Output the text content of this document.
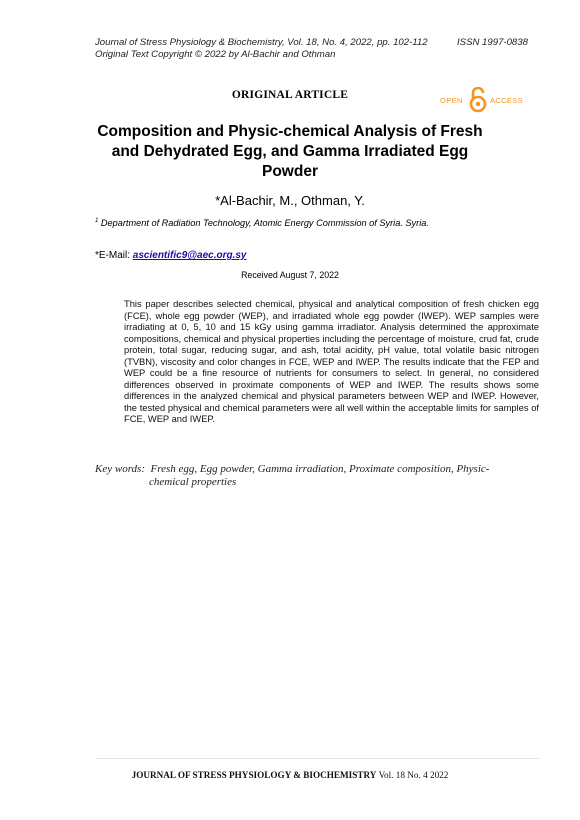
Journal of Stress Physiology & Biochemistry, Vol. 18, No. 4, 2022, pp. 102-112	ISSN 1997-0838
Original Text Copyright © 2022 by Al-Bachir and Othman
ORIGINAL ARTICLE	OPEN	ACCESS
Composition and Physic-chemical Analysis of Fresh
and Dehydrated Egg, and Gamma Irradiated Egg
Powder
*Al-Bachir, M., Othman, Y.
$^1$ Department of Radiation Technology, Atomic Energy Commission of Syria. Syria.
*E-Mail: ascientific9@aec.org.sy
Received August 7, 2022
This paper describes selected chemical, physical and analytical composition of fresh chicken egg (FCE), whole egg powder (WEP), and irradiated whole egg powder (IWEP). WEP samples were irradiating at 0, 5, 10 and 15 kGy using gamma irradiator. Analysis determined the approximate compositions, chemical and physical properties including the percentage of moisture, crud fat, crude protein, total sugar, reducing sugar, and ash, total acidity, pH value, total volatile basic nitrogen (TVBN), viscosity and color changes in FCE, WEP and IWEP. The results indicate that the FEP and WEP could be a fine resource of nutrients for consumers to select. In general, no considered differences observed in proximate components of WEP and IWEP. The results shows some differences in the analyzed chemical and physical parameters between WEP and IWEP. However, the tested physical and chemical parameters were all well within the acceptable limits for samples of FCE, WEP and IWEP.
Key words: Fresh egg, Egg powder, Gamma irradiation, Proximate composition, Physic-
chemical properties
JOURNAL OF STRESS PHYSIOLOGY & BIOCHEMISTRY Vol. 18 No. 4 2022
